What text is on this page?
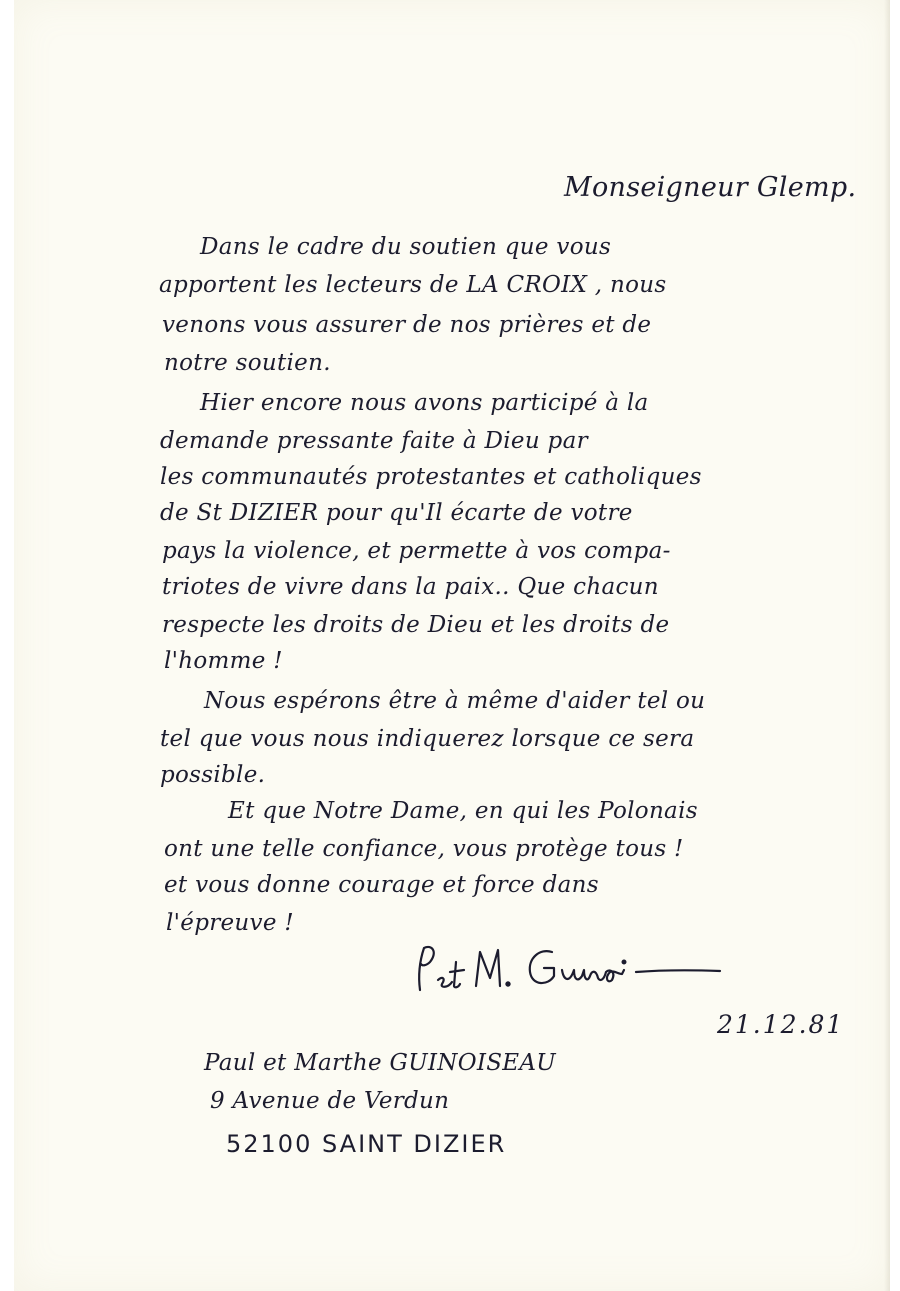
Monseigneur Glemp.

Dans le cadre du soutien que vous

apportent les lecteurs de LA CROIX , nous

venons vous assurer de nos prières et de

notre soutien.

Hier encore nous avons participé à la

demande pressante faite à Dieu par

les communautés protestantes et catholiques

de St DIZIER pour qu'Il écarte de votre

pays la violence, et permette à vos compa-

triotes de vivre dans la paix.. Que chacun

respecte les droits de Dieu et les droits de

l'homme !

Nous espérons être à même d'aider tel ou

tel que vous nous indiquerez lorsque ce sera

possible.

Et que Notre Dame, en qui les Polonais

ont une telle confiance, vous protège tous !

et vous donne courage et force dans

l'épreuve !

21.12.81

Paul et Marthe GUINOISEAU

9 Avenue de Verdun

52100 SAINT DIZIER
